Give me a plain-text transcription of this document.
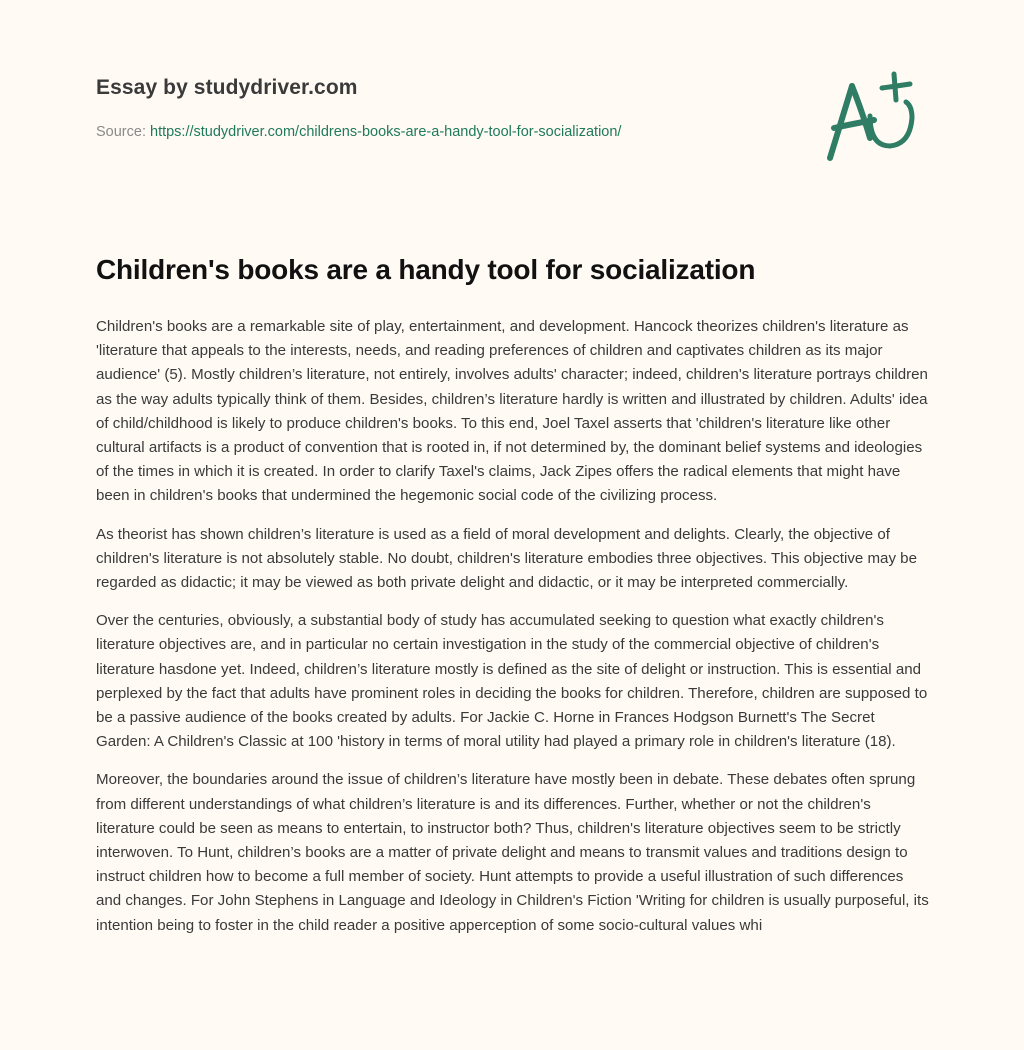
Essay by studydriver.com
Source: https://studydriver.com/childrens-books-are-a-handy-tool-for-socialization/
Children's books are a handy tool for socialization

Children's books are a remarkable site of play, entertainment, and development. Hancock theorizes children's literature as 'literature that appeals to the interests, needs, and reading preferences of children and captivates children as its major audience' (5). Mostly children’s literature, not entirely, involves adults' character; indeed, children's literature portrays children as the way adults typically think of them. Besides, children’s literature hardly is written and illustrated by children. Adults' idea of child/childhood is likely to produce children's books. To this end, Joel Taxel asserts that 'children's literature like other cultural artifacts is a product of convention that is rooted in, if not determined by, the dominant belief systems and ideologies of the times in which it is created. In order to clarify Taxel's claims, Jack Zipes offers the radical elements that might have been in children's books that undermined the hegemonic social code of the civilizing process.

As theorist has shown children’s literature is used as a field of moral development and delights. Clearly, the objective of children's literature is not absolutely stable. No doubt, children's literature embodies three objectives. This objective may be regarded as didactic; it may be viewed as both private delight and didactic, or it may be interpreted commercially.

Over the centuries, obviously, a substantial body of study has accumulated seeking to question what exactly children's literature objectives are, and in particular no certain investigation in the study of the commercial objective of children's literature hasdone yet. Indeed, children’s literature mostly is defined as the site of delight or instruction. This is essential and perplexed by the fact that adults have prominent roles in deciding the books for children. Therefore, children are supposed to be a passive audience of the books created by adults. For Jackie C. Horne in Frances Hodgson Burnett's The Secret Garden: A Children's Classic at 100 'history in terms of moral utility had played a primary role in children's literature (18).

Moreover, the boundaries around the issue of children’s literature have mostly been in debate. These debates often sprung from different understandings of what children’s literature is and its differences. Further, whether or not the children's literature could be seen as means to entertain, to instructor both? Thus, children's literature objectives seem to be strictly interwoven. To Hunt, children’s books are a matter of private delight and means to transmit values and traditions design to instruct children how to become a full member of society. Hunt attempts to provide a useful illustration of such differences and changes. For John Stephens in Language and Ideology in Children's Fiction 'Writing for children is usually purposeful, its intention being to foster in the child reader a positive apperception of some socio-cultural values whi
